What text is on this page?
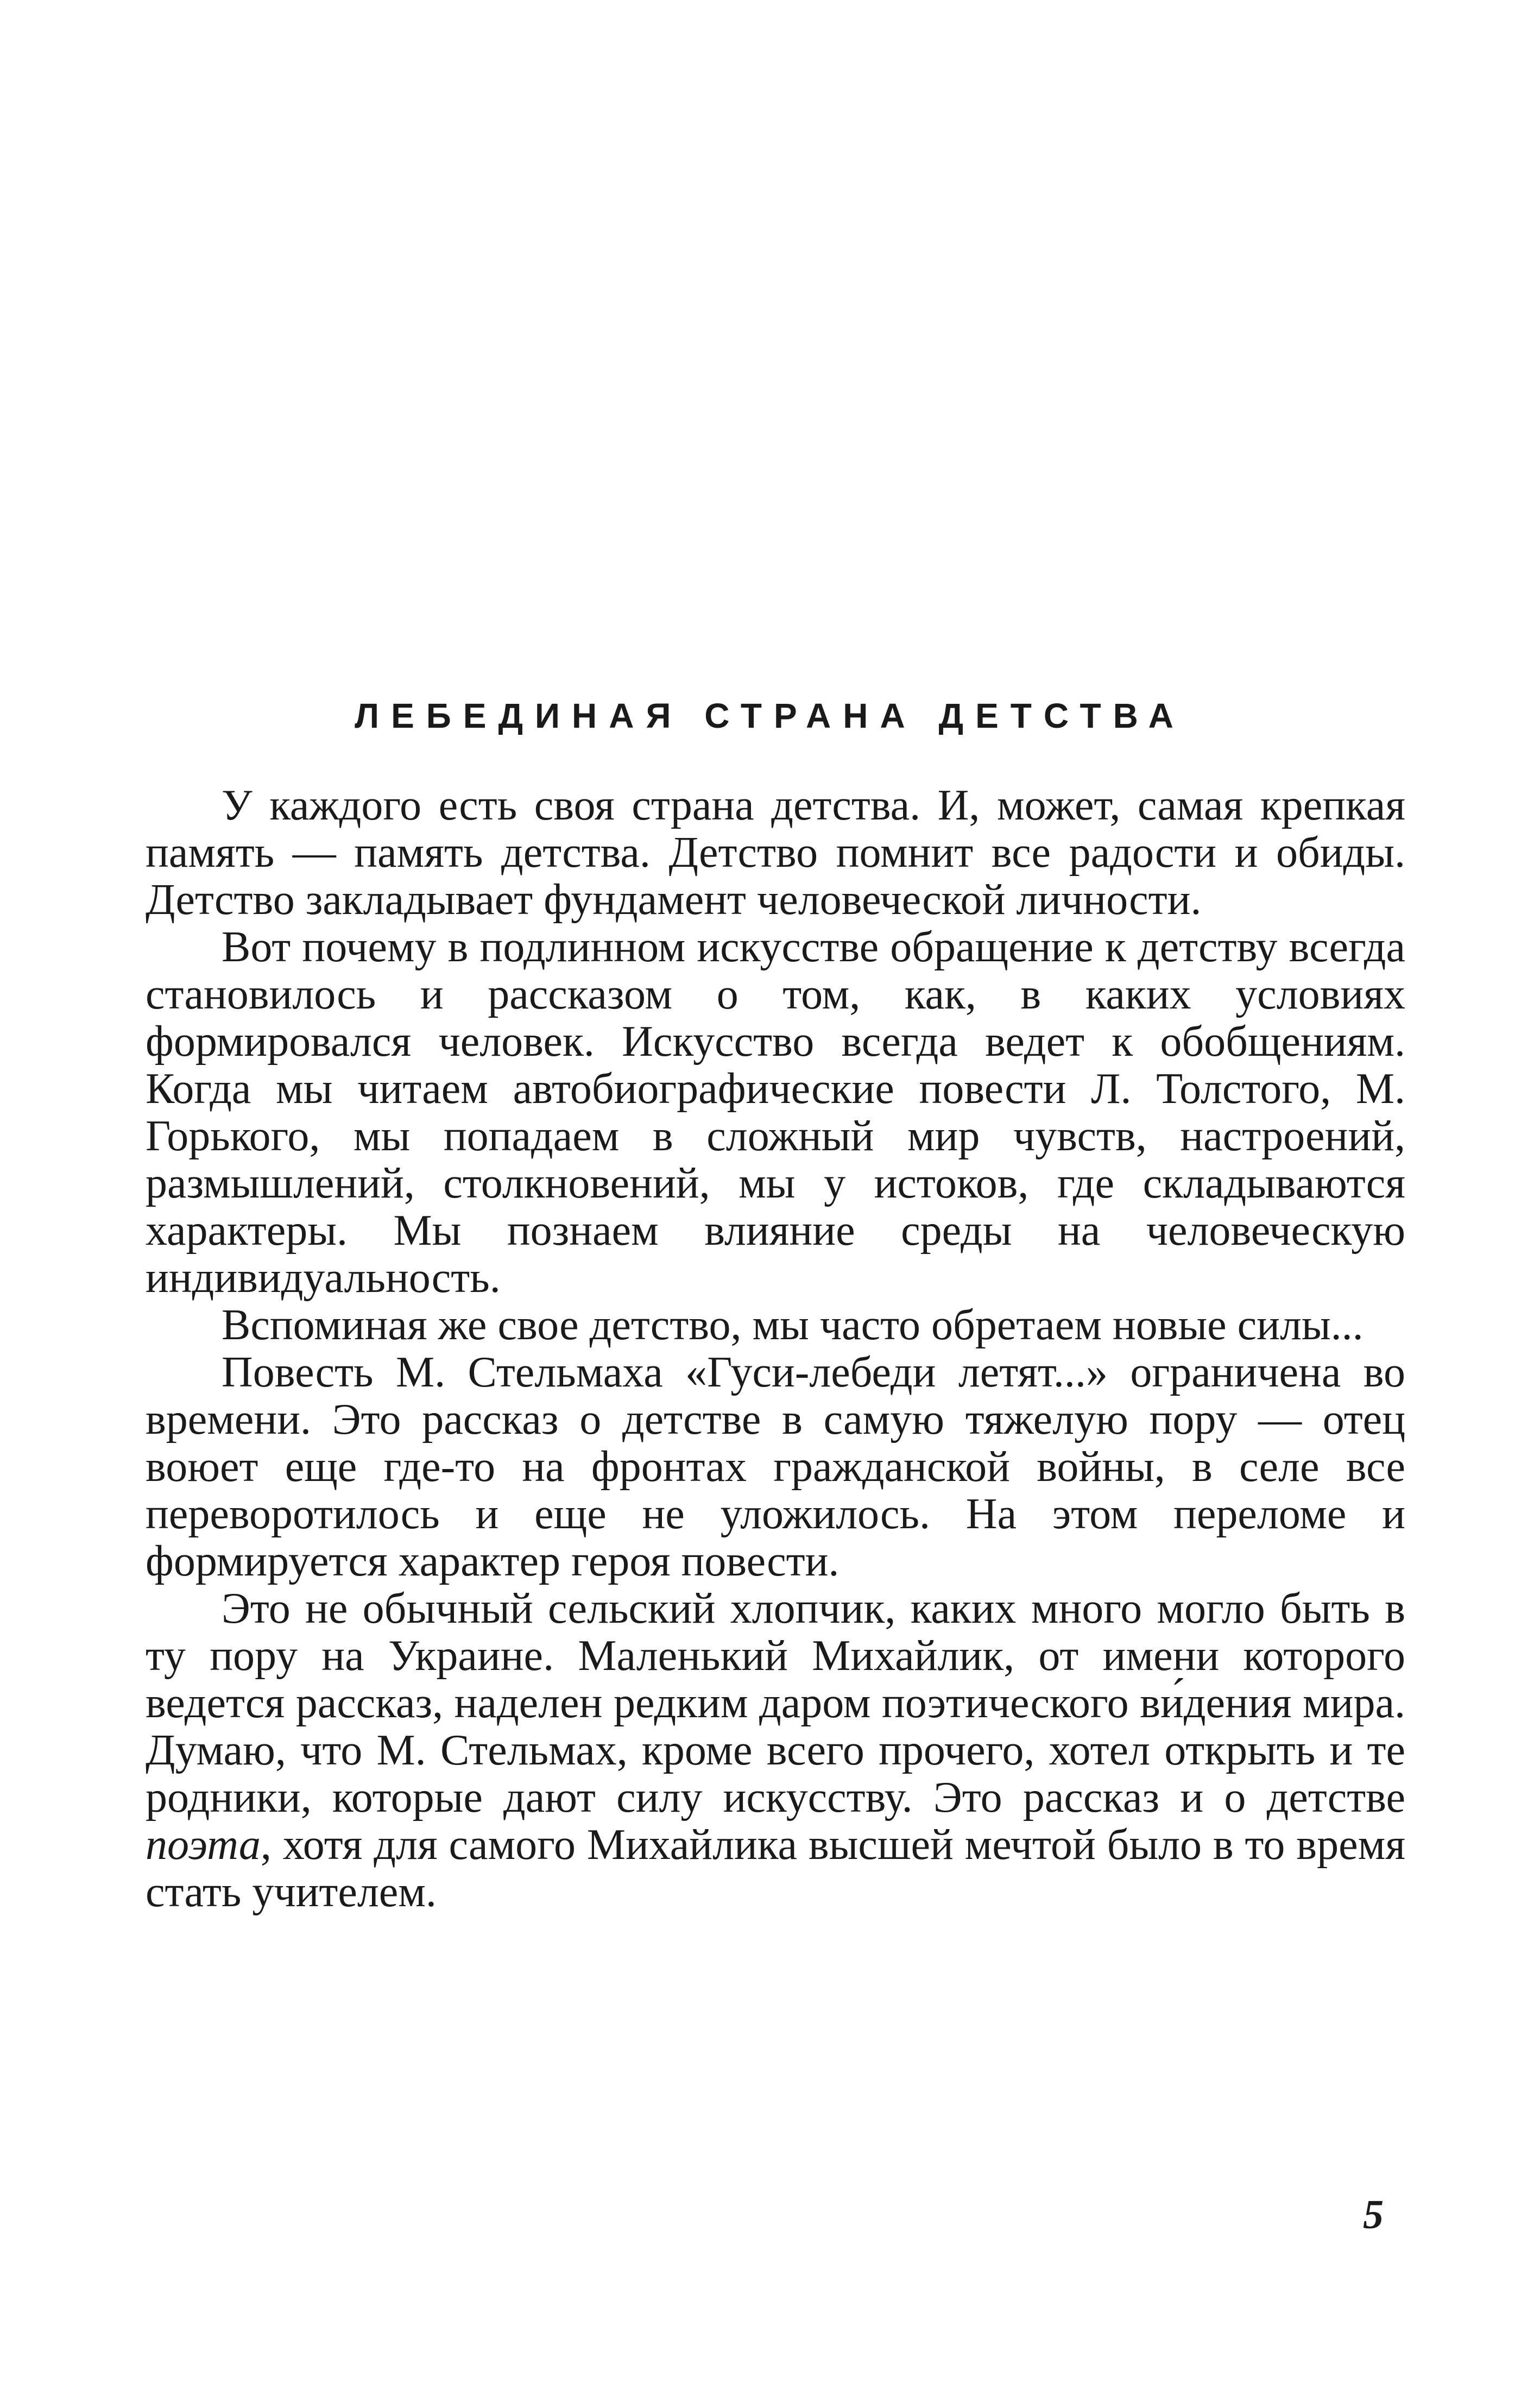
ЛЕБЕДИНАЯ СТРАНА ДЕТСТВА

У каждого есть своя страна детства. И, может, самая крепкая память — память детства. Детство помнит все радости и обиды. Детство закладывает фундамент человеческой личности.

Вот почему в подлинном искусстве обращение к детству всегда становилось и рассказом о том, как, в каких условиях формировался человек. Искусство всегда ведет к обобщениям. Когда мы читаем автобиографические повести Л. Толстого, М. Горького, мы попадаем в сложный мир чувств, настроений, размышлений, столкновений, мы у истоков, где складываются характеры. Мы познаем влияние среды на человеческую индивидуальность.

Вспоминая же свое детство, мы часто обретаем новые силы...

Повесть М. Стельмаха «Гуси-лебеди летят...» ограничена во времени. Это рассказ о детстве в самую тяжелую пору — отец воюет еще где-то на фронтах гражданской войны, в селе все переворотилось и еще не уложилось. На этом переломе и формируется характер героя повести.

Это не обычный сельский хлопчик, каких много могло быть в ту пору на Украине. Маленький Михайлик, от имени которого ведется рассказ, наделен редким даром поэтического ви́дения мира. Думаю, что М. Стельмах, кроме всего прочего, хотел открыть и те родники, которые дают силу искусству. Это рассказ и о детстве поэта, хотя для самого Михайлика высшей мечтой было в то время стать учителем.

5
